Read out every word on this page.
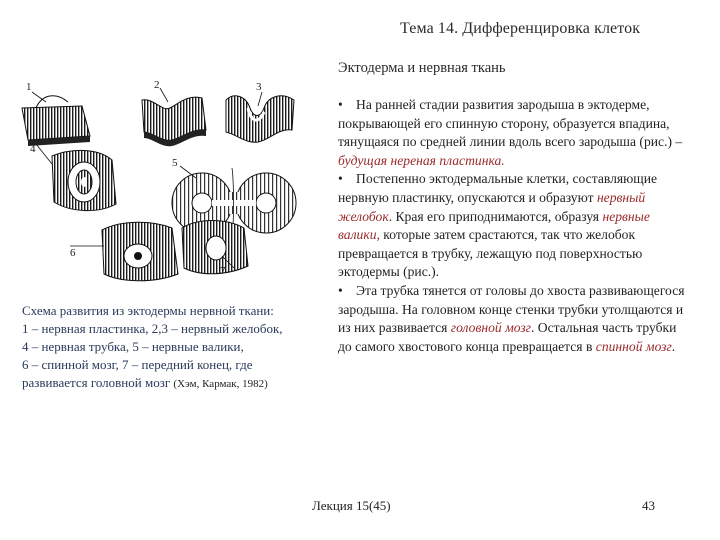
Тема 14. Дифференцировка клеток
Эктодерма и нервная ткань
1	2	3
4
5
6
7

Схема развития из эктодермы нервной ткани:

1 – нервная пластинка, 2,3 – нервный желобок,

4 – нервная трубка, 5 – нервные валики,

6 – спинной мозг, 7 – передний конец, где

развивается головной мозг (Хэм, Кармак, 1982)

• На ранней стадии развития зародыша в эктодерме, покрывающей его спинную сторону, образуется впадина, тянущаяся по средней линии вдоль всего зародыша (рис.) – будущая нереная пластинка.

• Постепенно эктодермальные клетки, составляющие нервную пластинку, опускаются и образуют нервный желобок. Края его приподнимаются, образуя нервные валики, которые затем срастаются, так что желобок превращается в трубку, лежащую под поверхностью эктодермы (рис.).

• Эта трубка тянется от головы до хвоста развивающегося зародыша. На головном конце стенки трубки утолщаются и из них развивается головной мозг. Остальная часть трубки до самого хвостового конца превращается в спинной мозг.

Лекция 15(45)	43
